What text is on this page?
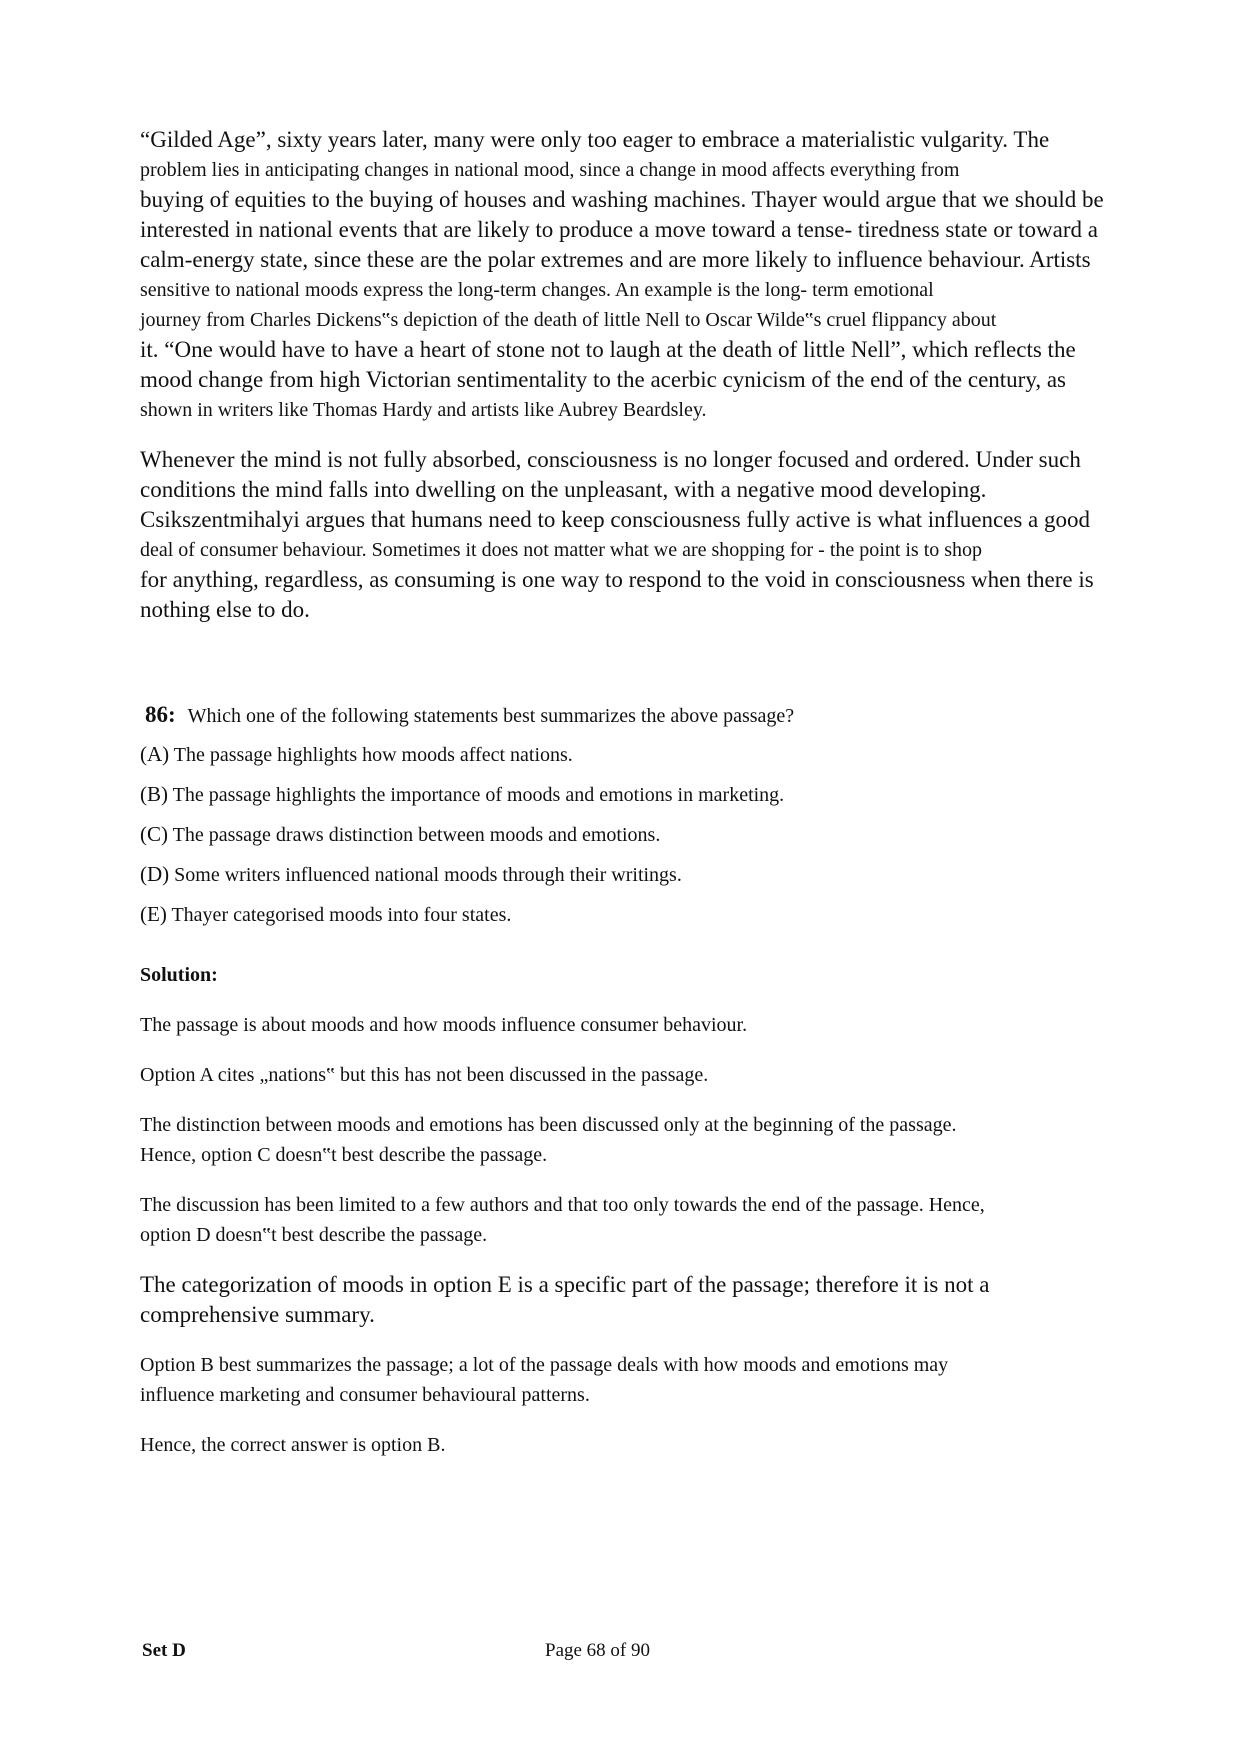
“Gilded Age”, sixty years later, many were only too eager to embrace a materialistic vulgarity. The
problem lies in anticipating changes in national mood, since a change in mood affects everything from
buying of equities to the buying of houses and washing machines. Thayer would argue that we should be
interested in national events that are likely to produce a move toward a tense- tiredness state or toward a
calm-energy state, since these are the polar extremes and are more likely to influence behaviour. Artists
sensitive to national moods express the long-term changes. An example is the long- term emotional
journey from Charles Dickens‟s depiction of the death of little Nell to Oscar Wilde‟s cruel flippancy about
it. “One would have to have a heart of stone not to laugh at the death of little Nell”, which reflects the
mood change from high Victorian sentimentality to the acerbic cynicism of the end of the century, as
shown in writers like Thomas Hardy and artists like Aubrey Beardsley.
Whenever the mind is not fully absorbed, consciousness is no longer focused and ordered. Under such
conditions the mind falls into dwelling on the unpleasant, with a negative mood developing.
Csikszentmihalyi argues that humans need to keep consciousness fully active is what influences a good
deal of consumer behaviour. Sometimes it does not matter what we are shopping for - the point is to shop
for anything, regardless, as consuming is one way to respond to the void in consciousness when there is
nothing else to do.
86: Which one of the following statements best summarizes the above passage?
(A) The passage highlights how moods affect nations.
(B) The passage highlights the importance of moods and emotions in marketing.
(C) The passage draws distinction between moods and emotions.
(D) Some writers influenced national moods through their writings.
(E) Thayer categorised moods into four states.
Solution:
The passage is about moods and how moods influence consumer behaviour.
Option A cites „nations‟ but this has not been discussed in the passage.
The distinction between moods and emotions has been discussed only at the beginning of the passage.
Hence, option C doesn‟t best describe the passage.
The discussion has been limited to a few authors and that too only towards the end of the passage. Hence,
option D doesn‟t best describe the passage.
The categorization of moods in option E is a specific part of the passage; therefore it is not a
comprehensive summary.
Option B best summarizes the passage; a lot of the passage deals with how moods and emotions may
influence marketing and consumer behavioural patterns.
Hence, the correct answer is option B.
Set D	Page 68 of 90
